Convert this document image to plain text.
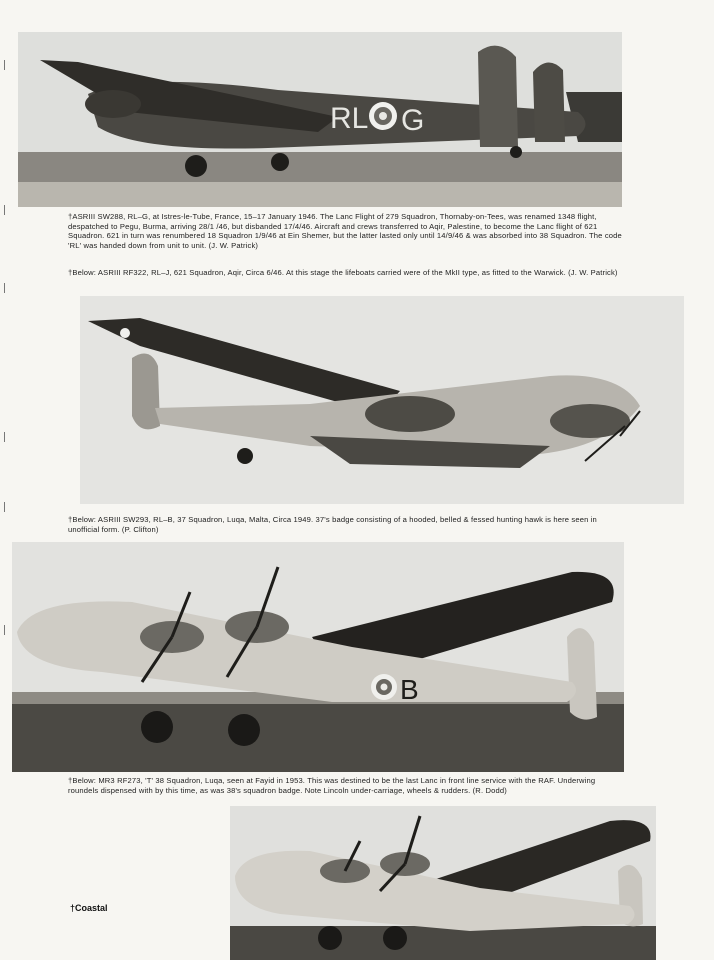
RL G
†ASRIII SW288, RL–G, at Istres-le-Tube, France, 15–17 January 1946. The Lanc Flight of 279 Squadron, Thornaby-on-Tees, was renamed 1348 flight, despatched to Pegu, Burma, arriving 28/1 /46, but disbanded 17/4/46. Aircraft and crews transferred to Aqir, Palestine, to become the Lanc flight of 621 Squadron. 621 in turn was renumbered 18 Squadron 1/9/46 at Ein Shemer, but the latter lasted only until 14/9/46 & was absorbed into 38 Squadron. The code 'RL' was handed down from unit to unit. (J. W. Patrick)
†Below: ASRIII RF322, RL–J, 621 Squadron, Aqir, Circa 6/46. At this stage the lifeboats carried were of the MkII type, as fitted to the Warwick. (J. W. Patrick)
†Below: ASRIII SW293, RL–B, 37 Squadron, Luqa, Malta, Circa 1949. 37's badge consisting of a hooded, belled & fessed hunting hawk is here seen in unofficial form. (P. Clifton)
B
†Below: MR3 RF273, 'T' 38 Squadron, Luqa, seen at Fayid in 1953. This was destined to be the last Lanc in front line service with the RAF. Underwing roundels dispensed with by this time, as was 38's squadron badge. Note Lincoln under-carriage, wheels & rudders. (R. Dodd)
†Coastal
